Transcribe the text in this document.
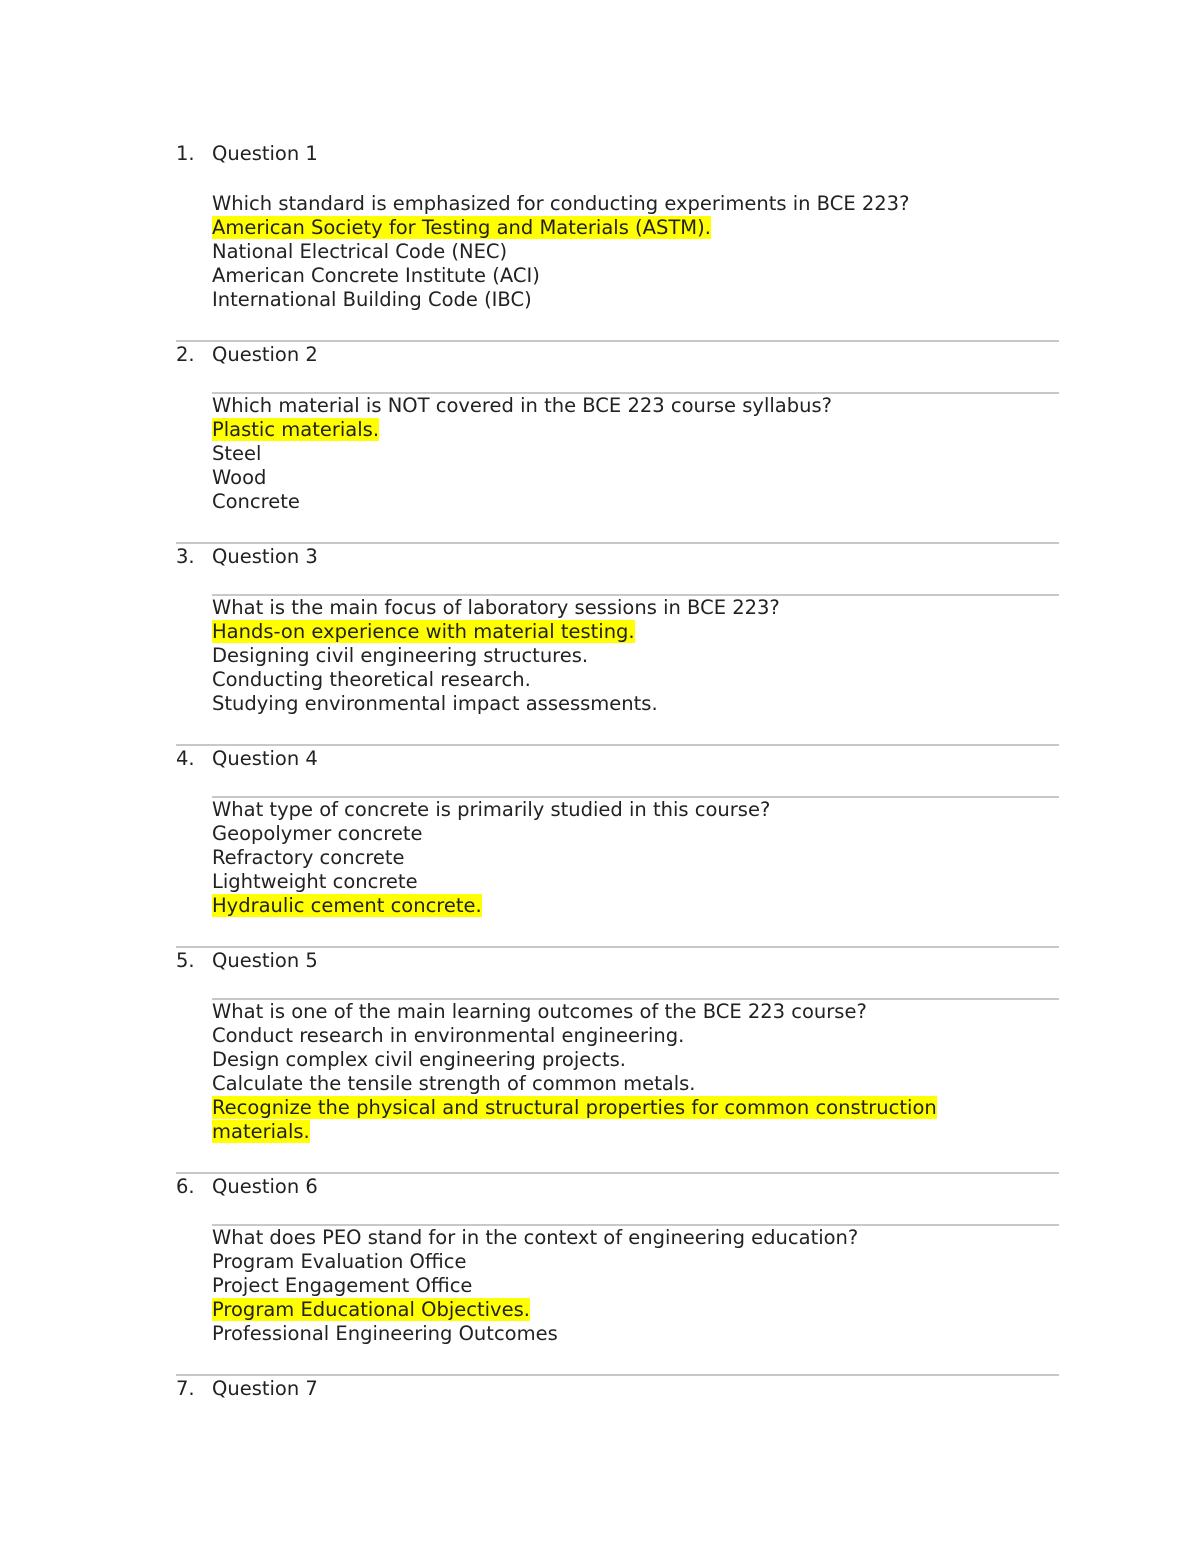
1. Question 1
Which standard is emphasized for conducting experiments in BCE 223?
American Society for Testing and Materials (ASTM).
National Electrical Code (NEC)
American Concrete Institute (ACI)
International Building Code (IBC)
2. Question 2
Which material is NOT covered in the BCE 223 course syllabus?
Plastic materials.
Steel
Wood
Concrete
3. Question 3
What is the main focus of laboratory sessions in BCE 223?
Hands-on experience with material testing.
Designing civil engineering structures.
Conducting theoretical research.
Studying environmental impact assessments.
4. Question 4
What type of concrete is primarily studied in this course?
Geopolymer concrete
Refractory concrete
Lightweight concrete
Hydraulic cement concrete.
5. Question 5
What is one of the main learning outcomes of the BCE 223 course?
Conduct research in environmental engineering.
Design complex civil engineering projects.
Calculate the tensile strength of common metals.
Recognize the physical and structural properties for common construction
materials.
6. Question 6
What does PEO stand for in the context of engineering education?
Program Evaluation Office
Project Engagement Office
Program Educational Objectives.
Professional Engineering Outcomes
7. Question 7
